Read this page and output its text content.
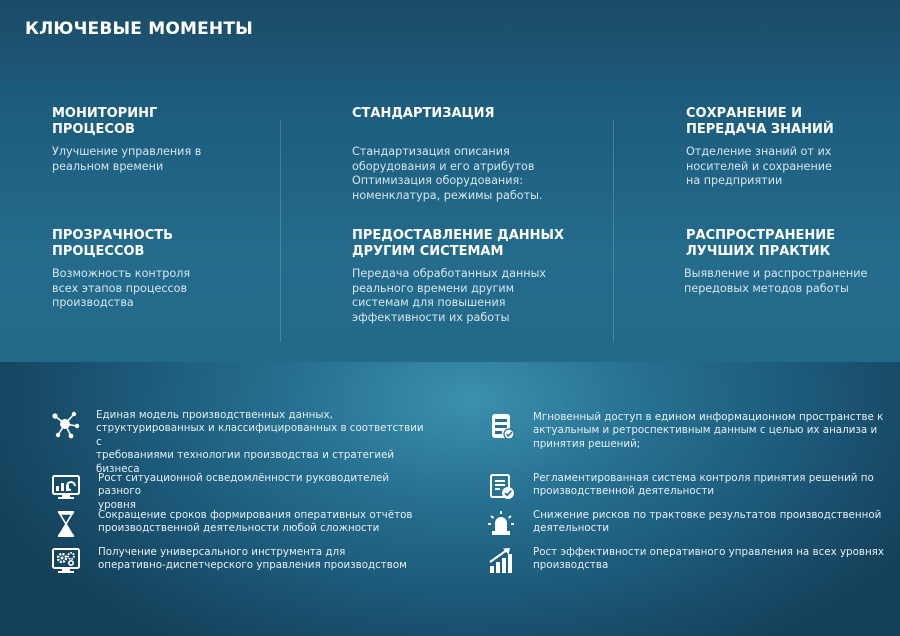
КЛЮЧЕВЫЕ МОМЕНТЫ

МОНИТОРИНГ
ПРОЦЕСОВ

Улучшение управления в
реальном времени

СТАНДАРТИЗАЦИЯ

Стандартизация описания
оборудования и его атрибутов
Оптимизация оборудования:
номенклатура, режимы работы.

СОХРАНЕНИЕ И
ПЕРЕДАЧА ЗНАНИЙ

Отделение знаний от их
носителей и сохранение
на предприятии

ПРОЗРАЧНОСТЬ
ПРОЦЕССОВ

Возможность контроля
всех этапов процессов
производства

ПРЕДОСТАВЛЕНИЕ ДАННЫХ
ДРУГИМ СИСТЕМАМ

Передача обработанных данных
реального времени другим
системам для повышения
эффективности их работы

РАСПРОСТРАНЕНИЕ
ЛУЧШИХ ПРАКТИК

Выявление и распространение
передовых методов работы

Единая модель производственных данных,
структурированных и классифицированных в соответствии с
требованиями технологии производства и стратегией
бизнеса
Мгновенный доступ в едином информационном пространстве к
актуальным и ретроспективным данным с целью их анализа и
принятия решений;
Рост ситуационной осведомлённости руководителей разного
уровня
Регламентированная система контроля принятия решений по
производственной деятельности
Сокращение сроков формирования оперативных отчётов
производственной деятельности любой сложности
Снижение рисков по трактовке результатов производственной
деятельности
Получение универсального инструмента для
оперативно-диспетчерского управления производством
Рост эффективности оперативного управления на всех уровнях
производства
